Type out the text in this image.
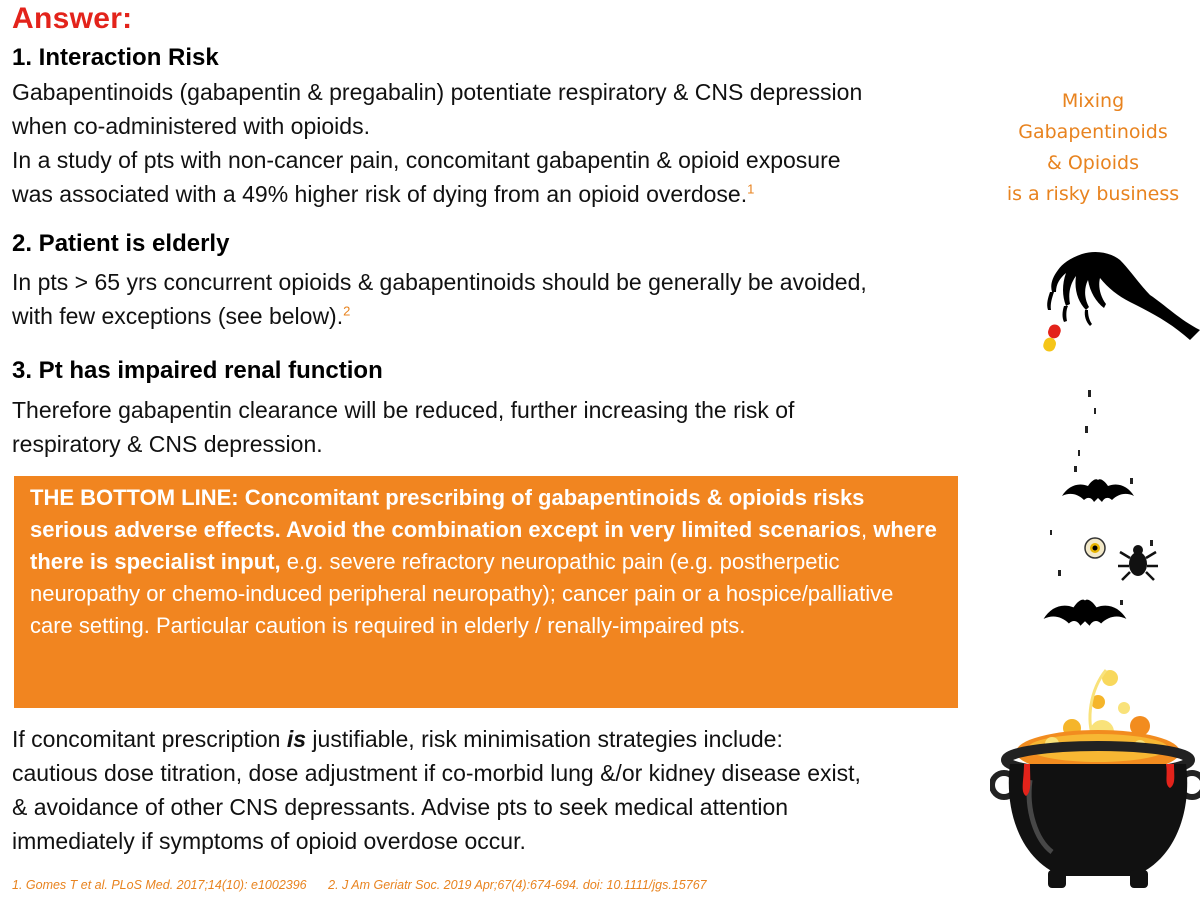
Answer:
1. Interaction Risk
Gabapentinoids (gabapentin & pregabalin) potentiate respiratory & CNS depression
when co-administered with opioids.
In a study of pts with non-cancer pain, concomitant gabapentin & opioid exposure
was associated with a 49% higher risk of dying from an opioid overdose.$^1$
2. Patient is elderly
In pts > 65 yrs concurrent opioids & gabapentinoids should be generally be avoided,
with few exceptions (see below).$^2$
3. Pt has impaired renal function
Therefore gabapentin clearance will be reduced, further increasing the risk of
respiratory & CNS depression.
THE BOTTOM LINE: Concomitant prescribing of gabapentinoids & opioids risks serious adverse effects. Avoid the combination except in very limited scenarios, where there is specialist input, e.g. severe refractory neuropathic pain (e.g. postherpetic neuropathy or chemo-induced peripheral neuropathy); cancer pain or a hospice/palliative care setting. Particular caution is required in elderly / renally-impaired pts.
If concomitant prescription is justifiable, risk minimisation strategies include:
cautious dose titration, dose adjustment if co-morbid lung &/or kidney disease exist,
& avoidance of other CNS depressants. Advise pts to seek medical attention
immediately if symptoms of opioid overdose occur.
1. Gomes T et al. PLoS Med. 2017;14(10): e1002396 2. J Am Geriatr Soc. 2019 Apr;67(4):674-694. doi: 10.1111/jgs.15767
Mixing
Gabapentinoids
& Opioids
is a risky business
